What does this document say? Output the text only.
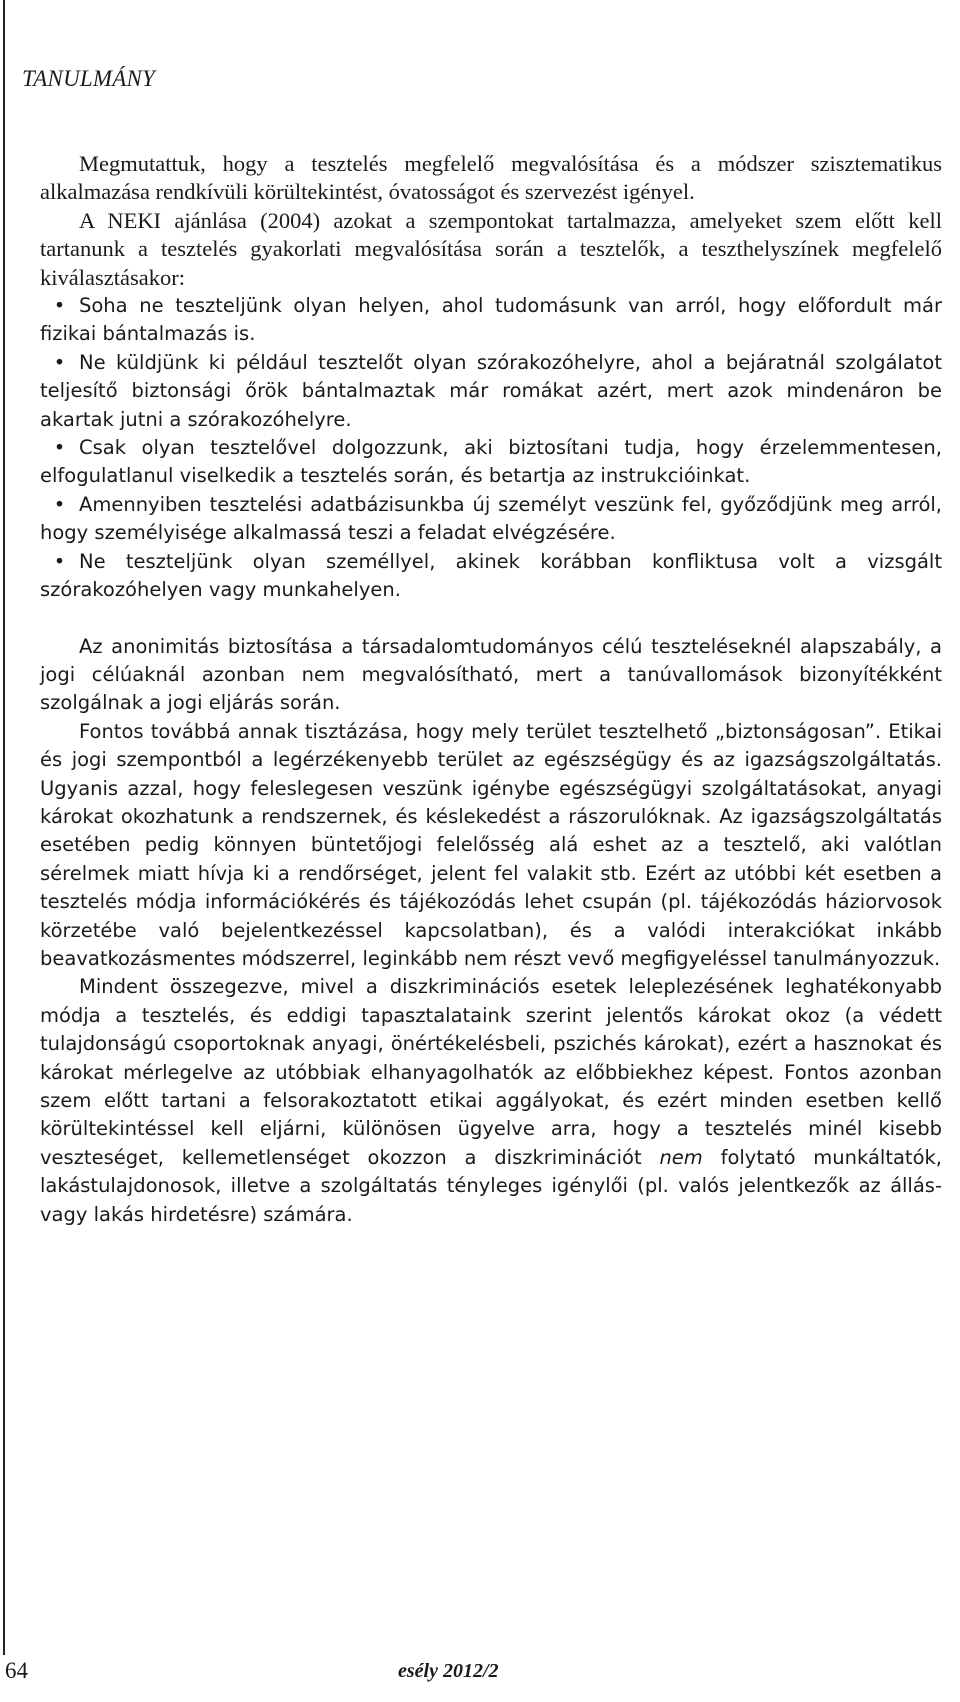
TANULMÁNY

Megmutattuk, hogy a tesztelés megfelelő megvalósítása és a módszer szisztematikus alkalmazása rendkívüli körültekintést, óvatosságot és szervezést igényel.

A NEKI ajánlása (2004) azokat a szempontokat tartalmazza, amelyeket szem előtt kell tartanunk a tesztelés gyakorlati megvalósítása során a tesztelők, a teszthelyszínek megfelelő kiválasztásakor:

• Soha ne teszteljünk olyan helyen, ahol tudomásunk van arról, hogy előfordult már fizikai bántalmazás is.

• Ne küldjünk ki például tesztelőt olyan szórakozóhelyre, ahol a bejáratnál szolgálatot teljesítő biztonsági őrök bántalmaztak már romákat azért, mert azok mindenáron be akartak jutni a szórakozóhelyre.

• Csak olyan tesztelővel dolgozzunk, aki biztosítani tudja, hogy érzelemmentesen, elfogulatlanul viselkedik a tesztelés során, és betartja az instrukcióinkat.

• Amennyiben tesztelési adatbázisunkba új személyt veszünk fel, győződjünk meg arról, hogy személyisége alkalmassá teszi a feladat elvégzésére.

• Ne teszteljünk olyan személlyel, akinek korábban konfliktusa volt a vizsgált szórakozóhelyen vagy munkahelyen.

Az anonimitás biztosítása a társadalomtudományos célú teszteléseknél alapszabály, a jogi célúaknál azonban nem megvalósítható, mert a tanúvallomások bizonyítékként szolgálnak a jogi eljárás során.

Fontos továbbá annak tisztázása, hogy mely terület tesztelhető „biztonságosan”. Etikai és jogi szempontból a legérzékenyebb terület az egészségügy és az igazságszolgáltatás. Ugyanis azzal, hogy feleslegesen veszünk igénybe egészségügyi szolgáltatásokat, anyagi károkat okozhatunk a rendszernek, és késlekedést a rászorulóknak. Az igazságszolgáltatás esetében pedig könnyen büntetőjogi felelősség alá eshet az a tesztelő, aki valótlan sérelmek miatt hívja ki a rendőrséget, jelent fel valakit stb. Ezért az utóbbi két esetben a tesztelés módja információkérés és tájékozódás lehet csupán (pl. tájékozódás háziorvosok körzetébe való bejelentkezéssel kapcsolatban), és a valódi interakciókat inkább beavatkozásmentes módszerrel, leginkább nem részt vevő megfigyeléssel tanulmányozzuk.

Mindent összegezve, mivel a diszkriminációs esetek leleplezésének leghatékonyabb módja a tesztelés, és eddigi tapasztalataink szerint jelentős károkat okoz (a védett tulajdonságú csoportoknak anyagi, önértékelésbeli, pszichés károkat), ezért a hasznokat és károkat mérlegelve az utóbbiak elhanyagolhatók az előbbiekhez képest. Fontos azonban szem előtt tartani a felsorakoztatott etikai aggályokat, és ezért minden esetben kellő körültekintéssel kell eljárni, különösen ügyelve arra, hogy a tesztelés minél kisebb veszteséget, kellemetlenséget okozzon a diszkriminációt nem folytató munkáltatók, lakástulajdonosok, illetve a szolgáltatás tényleges igénylői (pl. valós jelentkezők az állás- vagy lakás hirdetésre) számára.

64	esély 2012/2
